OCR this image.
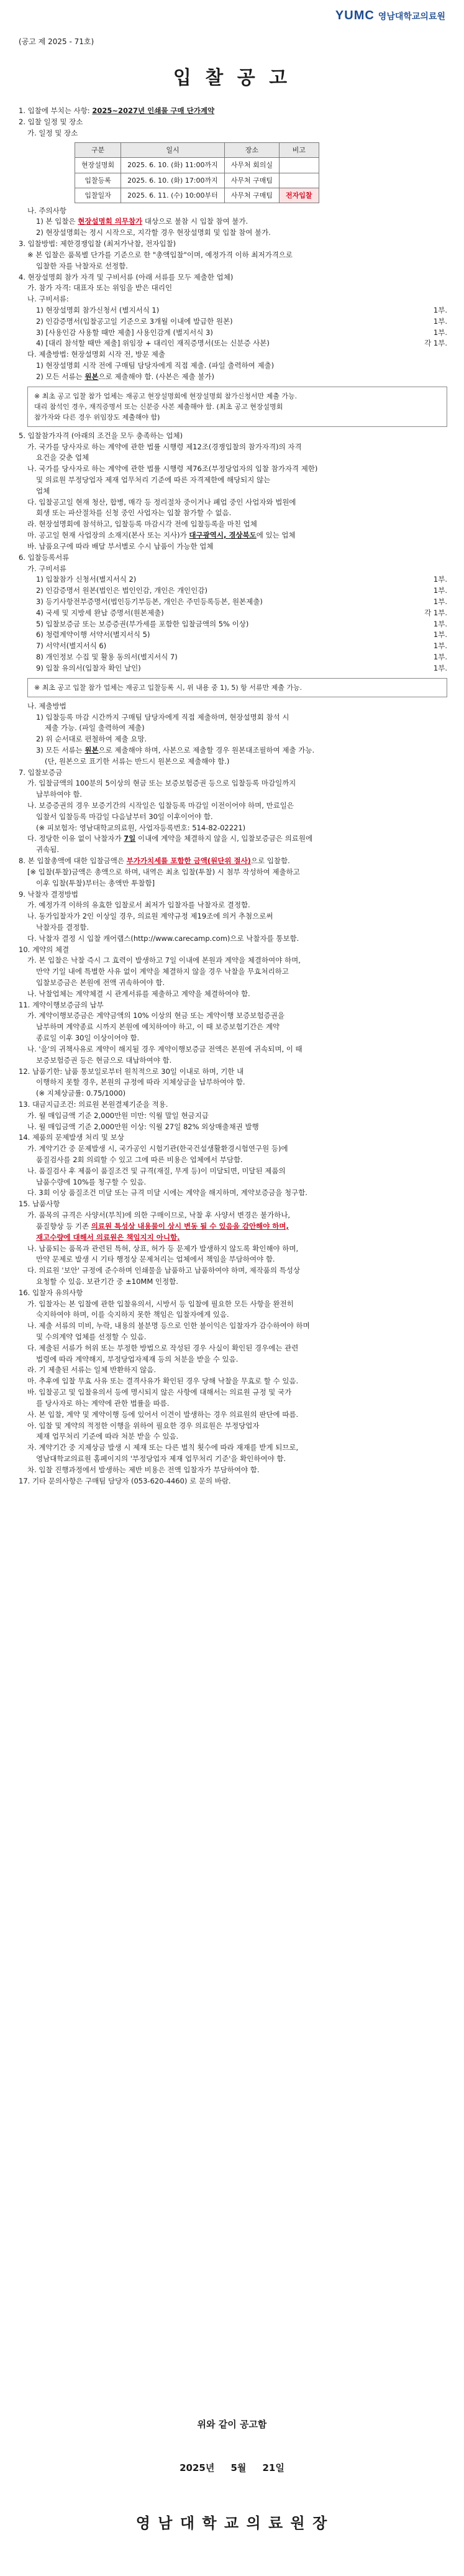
YUMC 영남대학교의료원
(공고 제 2025 - 71호)
입 찰 공 고

1. 입찰에 부치는 사항: 2025~2027년 인쇄물 구매 단가계약

2. 입찰 일정 및 장소

가. 일정 및 장소

구분	일시	장소	비고
현장설명회	2025. 6. 10. (화) 11:00까지	사무처 회의실	
입찰등록	2025. 6. 10. (화) 17:00까지	사무처 구매팀	
입찰일자	2025. 6. 11. (수) 10:00부터	사무처 구매팀	전자입찰

나. 주의사항

1) 본 입찰은 현장설명회 의무참가 대상으로 불참 시 입찰 참여 불가.

2) 현장설명회는 정시 시작으로, 지각할 경우 현장설명회 및 입찰 참여 불가.

3. 입찰방법: 제한경쟁입찰 (최저가낙찰, 전자입찰)

※ 본 입찰은 품목별 단가를 기준으로 한 "총액입찰"이며, 예정가격 이하 최저가격으로

입찰한 자를 낙찰자로 선정함.

4. 현장설명회 참가 자격 및 구비서류 (아래 서류를 모두 제출한 업체)

가. 참가 자격: 대표자 또는 위임을 받은 대리인

나. 구비서류:

1) 현장설명회 참가신청서 (별지서식 1)	1부.
2) 인감증명서(입찰공고일 기준으로 3개월 이내에 발급한 원본)	1부.
3) [사용인감 사용할 때만 제출] 사용인감계 (별지서식 3)	1부.
4) [대리 참석할 때만 제출] 위임장 + 대리인 재직증명서(또는 신분증 사본)	각 1부.

다. 제출방법: 현장설명회 시작 전, 방문 제출

1) 현장설명회 시작 전에 구매팀 담당자에게 직접 제출. (파일 출력하여 제출)

2) 모든 서류는 원본으로 제출해야 함. (사본은 제출 불가)

※ 최초 공고 입찰 참가 업체는 재공고 현장설명회에 현장설명회 참가신청서만 제출 가능.

대리 참석인 경우, 재직증명서 또는 신분증 사본 제출해야 함. (최초 공고 현장설명회

참가자와 다른 경우 위임장도 제출해야 함)

5. 입찰참가자격 (아래의 조건을 모두 충족하는 업체)

가. 국가를 당사자로 하는 계약에 관한 법률 시행령 제12조(경쟁입찰의 참가자격)의 자격

요건을 갖춘 업체

나. 국가를 당사자로 하는 계약에 관한 법률 시행령 제76조(부정당업자의 입찰 참가자격 제한)

및 의료원 부정당업자 제재 업무처리 기준에 따른 자격제한에 해당되지 않는

업체

다. 입찰공고일 현재 청산, 합병, 매각 등 정리절차 중이거나 폐업 중인 사업자와 법원에

회생 또는 파산절차를 신청 중인 사업자는 입찰 참가할 수 없음.

라. 현장설명회에 참석하고, 입찰등록 마감시각 전에 입찰등록을 마친 업체

마. 공고일 현재 사업장의 소재지(본사 또는 지사)가 대구광역시, 경상북도에 있는 업체

바. 납품요구에 따라 배달 부서별로 수시 납품이 가능한 업체

6. 입찰등록서류

가. 구비서류

1) 입찰참가 신청서(별지서식 2)	1부.
2) 인감증명서 원본(법인은 법인인감, 개인은 개인인감)	1부.
3) 등기사항전부증명서(법인등기부등본, 개인은 주민등록등본, 원본제출)	1부.
4) 국세 및 지방세 완납 증명서(원본제출)	각 1부.
5) 입찰보증금 또는 보증증권(부가세를 포함한 입찰금액의 5% 이상)	1부.
6) 청렴계약이행 서약서(별지서식 5)	1부.
7) 서약서(별지서식 6)	1부.
8) 개인정보 수집 및 활용 동의서(별지서식 7)	1부.
9) 입찰 유의서(입찰자 확인 날인)	1부.

※ 최초 공고 입찰 참가 업체는 재공고 입찰등록 시, 위 내용 중 1), 5) 항 서류만 제출 가능.

나. 제출방법

1) 입찰등록 마감 시간까지 구매팀 담당자에게 직접 제출하며, 현장설명회 참석 시

제출 가능. (파일 출력하여 제출)

2) 위 순서대로 편철하여 제출 요망.

3) 모든 서류는 원본으로 제출해야 하며, 사본으로 제출할 경우 원본대조필하여 제출 가능.

(단, 원본으로 표기한 서류는 반드시 원본으로 제출해야 함.)

7. 입찰보증금

가. 입찰금액의 100분의 5이상의 현금 또는 보증보험증권 등으로 입찰등록 마감일까지

납부하여야 함.

나. 보증증권의 경우 보증기간의 시작일은 입찰등록 마감일 이전이어야 하며, 만료일은

입찰서 입찰등록 마감일 다음날부터 30일 이후이어야 함.

(※ 피보험자: 영남대학교의료원, 사업자등록번호: 514-82-02221)

다. 정당한 이유 없이 낙찰자가 7일 이내에 계약을 체결하지 않을 시, 입찰보증금은 의료원에

귀속됨.

8. 본 입찰총액에 대한 입찰금액은 부가가치세를 포함한 금액(원단위 절사)으로 입찰함.

[※ 입찰(투찰)금액은 총액으로 하며, 내역은 최초 입찰(투찰) 시 첨부 작성하여 제출하고

이후 입찰(투찰)부터는 총액만 투찰함]

9. 낙찰자 결정방법

가. 예정가격 이하의 유효한 입찰로서 최저가 입찰자를 낙찰자로 결정함.

나. 동가입찰자가 2인 이상일 경우, 의료원 계약규정 제19조에 의거 추첨으로써

낙찰자를 결정함.

다. 낙찰자 결정 시 입찰 캐어랩스(http://www.carecamp.com)으로 낙찰자를 통보함.

10. 계약의 체결

가. 본 입찰은 낙찰 즉시 그 효력이 발생하고 7일 이내에 본원과 계약을 체결하여야 하며,

만약 기일 내에 특별한 사유 없이 계약을 체결하지 않을 경우 낙찰을 무효처리하고

입찰보증금은 본원에 전액 귀속하여야 함.

나. 낙찰업체는 계약체결 시 관계서류를 제출하고 계약을 체결하여야 함.

11. 계약이행보증금의 납부

가. 계약이행보증금은 계약금액의 10% 이상의 현금 또는 계약이행 보증보험증권을

납부하며 계약종료 시까지 본원에 예치하여야 하고, 이 때 보증보험기간은 계약

종료일 이후 30일 이상이어야 함.

나. '을'의 귀책사유로 계약이 해지될 경우 계약이행보증금 전액은 본원에 귀속되며, 이 때

보증보험증권 등은 현금으로 대납하여야 함.

12. 납품기한: 납품 통보일로부터 원칙적으로 30일 이내로 하며, 기한 내

이행하지 못할 경우, 본원의 규정에 따라 지체상금을 납부하여야 함.

(※ 지체상금률: 0.75/1000)

13. 대금지급조건: 의료원 본원결제기준을 적용.

가. 월 매입금액 기준 2,000만원 미만: 익월 말일 현금지급

나. 월 매입금액 기준 2,000만원 이상: 익월 27일 82% 외상매출채권 발행

14. 제품의 문제발생 처리 및 보상

가. 계약기간 중 문제발생 시, 국가공인 시험기관(한국건설생활환경시험연구원 등)에

품질검사를 2회 의뢰할 수 있고 그에 따른 비용은 업체에서 부담함.

나. 품질검사 후 제품이 품질조건 및 규격(재질, 무게 등)이 미달되면, 미달된 제품의

납품수량에 10%를 청구할 수 있음.

다. 3회 이상 품질조건 미달 또는 규격 미달 시에는 계약을 해지하며, 계약보증금을 청구함.

15. 납품사항

가. 품목의 규격은 사양서(부칙)에 의한 구매이므로, 낙찰 후 사양서 변경은 불가하나,

품질향상 등 기존 의료원 특성상 내용물이 상시 변동 될 수 있음을 감안해야 하며,

재고수량에 대해서 의료원은 책임지지 아니함.

나. 납품되는 품목과 관련된 특허, 상표, 허가 등 문제가 발생하지 않도록 확인해야 하며,

만약 문제로 발생 시 기타 행정상 문제처리는 업체에서 책임을 부담하여야 함.

다. 의료원 '보안' 규정에 준수하며 인쇄물을 납품하고 납품하여야 하며, 제작품의 특성상

요청할 수 있음. 보관기간 중 ±10MM 인정함.

16. 입찰자 유의사항

가. 입찰자는 본 입찰에 관한 입찰유의서, 시방서 등 입찰에 필요한 모든 사항을 완전히

숙지하여야 하며, 이를 숙지하지 못한 책임은 입찰자에게 있음.

나. 제출 서류의 미비, 누락, 내용의 불분명 등으로 인한 불이익은 입찰자가 감수하여야 하며

및 수의계약 업체를 선정할 수 있음.

다. 제출된 서류가 허위 또는 부정한 방법으로 작성된 경우 사실이 확인된 경우에는 관련

법령에 따라 계약해지, 부정당업자제재 등의 처분을 받을 수 있음.

라. 기 제출된 서류는 일체 반환하지 않음.

마. 추후에 입찰 무효 사유 또는 결격사유가 확인된 경우 당해 낙찰을 무효로 할 수 있음.

바. 입찰공고 및 입찰유의서 등에 명시되지 않은 사항에 대해서는 의료원 규정 및 국가

를 당사자로 하는 계약에 관한 법률을 따름.

사. 본 입찰, 계약 및 계약이행 등에 있어서 이견이 발생하는 경우 의료원의 판단에 따름.

아. 입찰 및 계약의 적정한 이행을 위하여 필요한 경우 의료원은 부정당업자

제재 업무처리 기준에 따라 처분 받을 수 있음.

자. 계약기간 중 지제상금 발생 시 제재 또는 다른 벌칙 횟수에 따라 재재를 받게 되므로,

영남대학교의료원 홈페이지의 '부정당업자 제재 업무처리 기준'을 확인하여야 함.

차. 입찰 진행과정에서 발생하는 제반 비용은 전액 입찰자가 부담하여야 함.

17. 기타 문의사항은 구매팀 담당자 (053-620-4460) 로 문의 바람.

위와 같이 공고함
2025년     5월     21일
영 남 대 학 교 의 료 원 장
